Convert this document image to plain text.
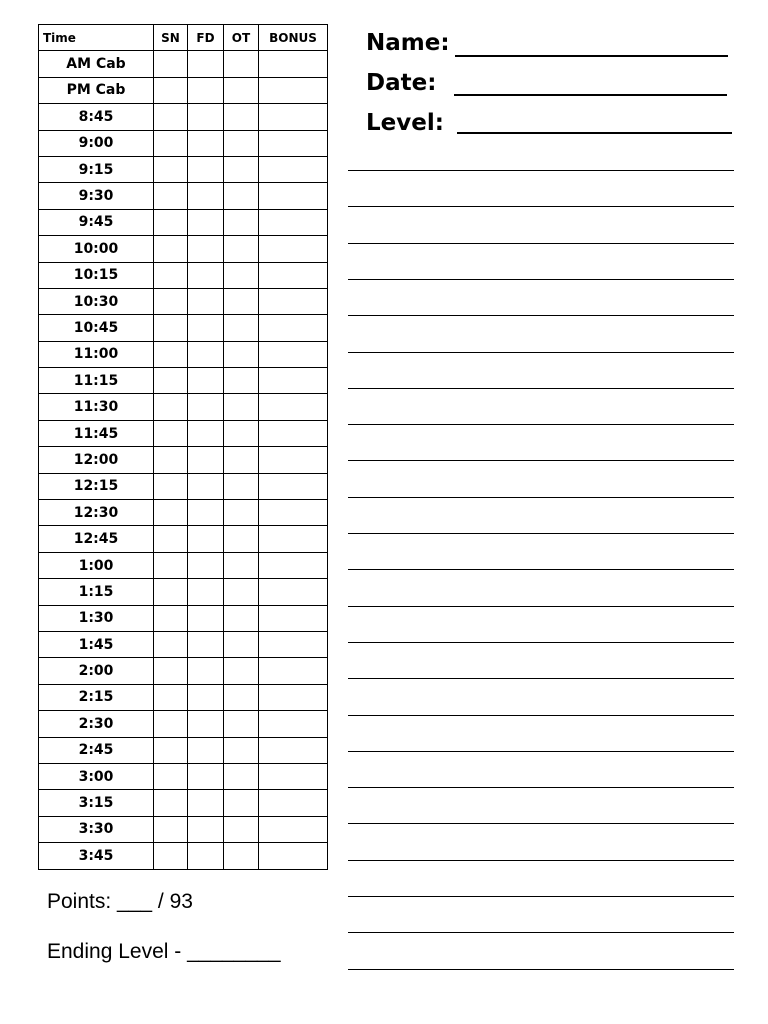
Time	SN	FD	OT	BONUS
AM Cab				
PM Cab				
8:45				
9:00				
9:15				
9:30				
9:45				
10:00				
10:15				
10:30				
10:45				
11:00				
11:15				
11:30				
11:45				
12:00				
12:15				
12:30				
12:45				
1:00				
1:15				
1:30				
1:45				
2:00				
2:15				
2:30				
2:45				
3:00				
3:15				
3:30				
3:45				
Name:
Date:
Level:
Points: ___ / 93
Ending Level - ________
